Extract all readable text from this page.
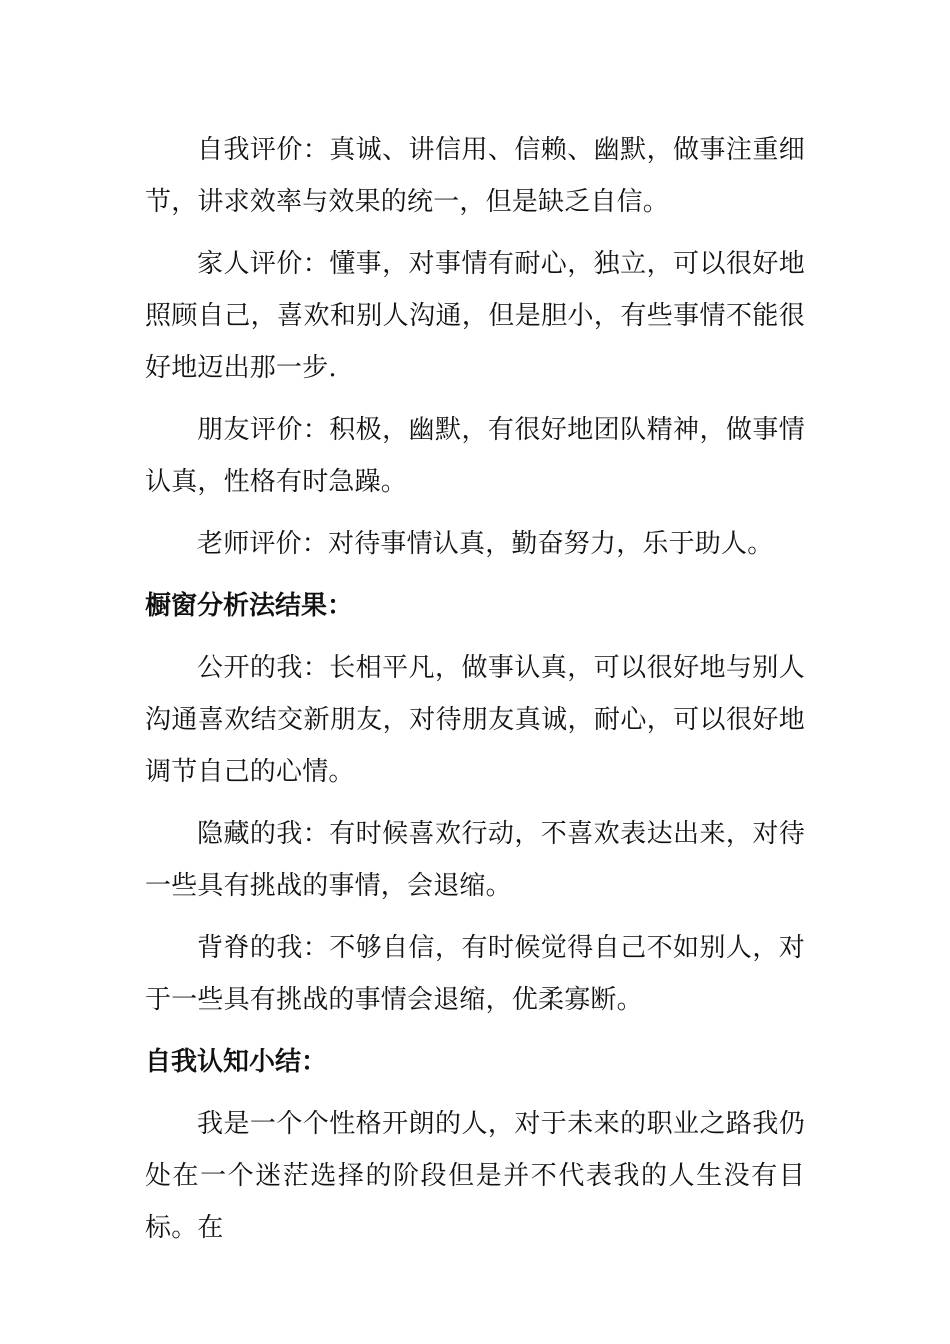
自我评价：真诚、讲信用、信赖、幽默，做事注重细节，讲求效率与效果的统一，但是缺乏自信。

家人评价：懂事，对事情有耐心，独立，可以很好地照顾自己，喜欢和别人沟通，但是胆小，有些事情不能很好地迈出那一步.

朋友评价：积极，幽默，有很好地团队精神，做事情认真，性格有时急躁。

老师评价：对待事情认真，勤奋努力，乐于助人。

橱窗分析法结果：

公开的我：长相平凡，做事认真，可以很好地与别人沟通喜欢结交新朋友，对待朋友真诚，耐心，可以很好地调节自己的心情。

隐藏的我：有时候喜欢行动，不喜欢表达出来，对待一些具有挑战的事情，会退缩。

背脊的我：不够自信，有时候觉得自己不如别人，对于一些具有挑战的事情会退缩，优柔寡断。

自我认知小结：

我是一个个性格开朗的人，对于未来的职业之路我仍处在一个迷茫选择的阶段但是并不代表我的人生没有目标。在
